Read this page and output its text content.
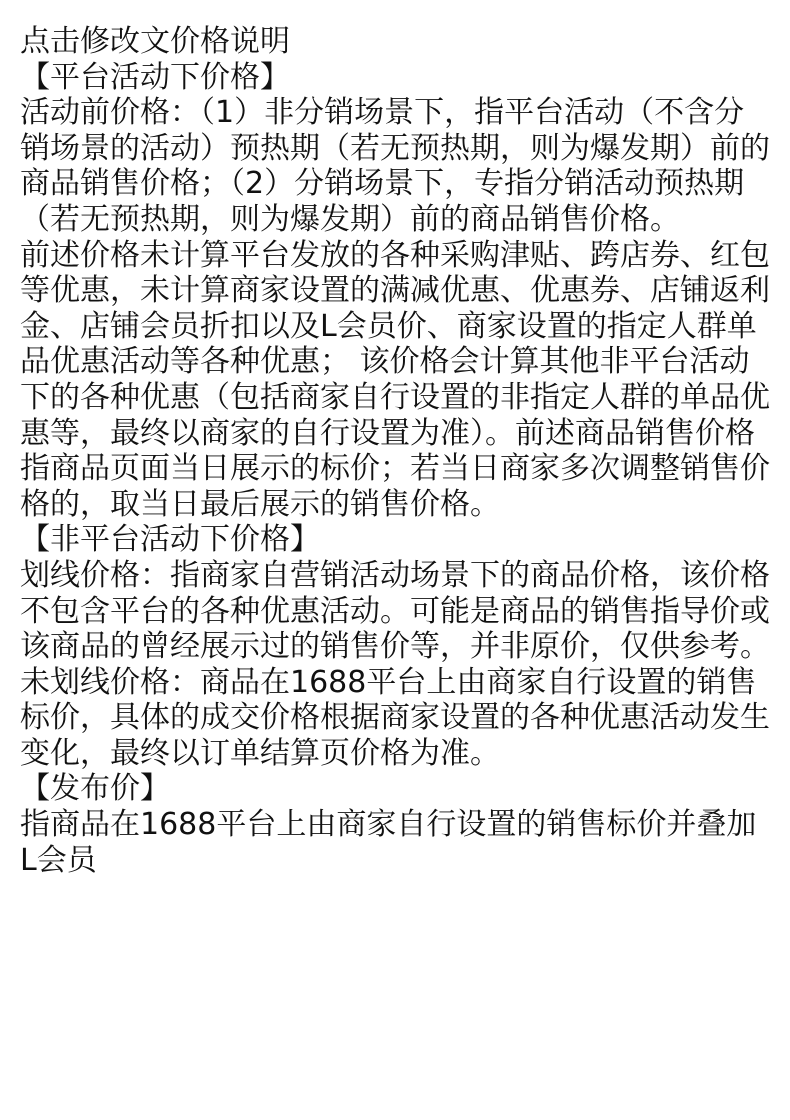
点击修改文价格说明

【平台活动下价格】

活动前价格：（1）非分销场景下，指平台活动（不含分销场景的活动）预热期（若无预热期，则为爆发期）前的商品销售价格；（2）分销场景下，专指分销活动预热期（若无预热期，则为爆发期）前的商品销售价格。

前述价格未计算平台发放的各种采购津贴、跨店券、红包等优惠，未计算商家设置的满减优惠、优惠券、店铺返利金、店铺会员折扣以及L会员价、商家设置的指定人群单品优惠活动等各种优惠； 该价格会计算其他非平台活动下的各种优惠（包括商家自行设置的非指定人群的单品优惠等，最终以商家的自行设置为准）。前述商品销售价格指商品页面当日展示的标价；若当日商家多次调整销售价格的，取当日最后展示的销售价格。

【非平台活动下价格】

划线价格：指商家自营销活动场景下的商品价格，该价格不包含平台的各种优惠活动。可能是商品的销售指导价或该商品的曾经展示过的销售价等，并非原价，仅供参考。

未划线价格：商品在1688平台上由商家自行设置的销售标价，具体的成交价格根据商家设置的各种优惠活动发生变化，最终以订单结算页价格为准。

【发布价】

指商品在1688平台上由商家自行设置的销售标价并叠加L会员
